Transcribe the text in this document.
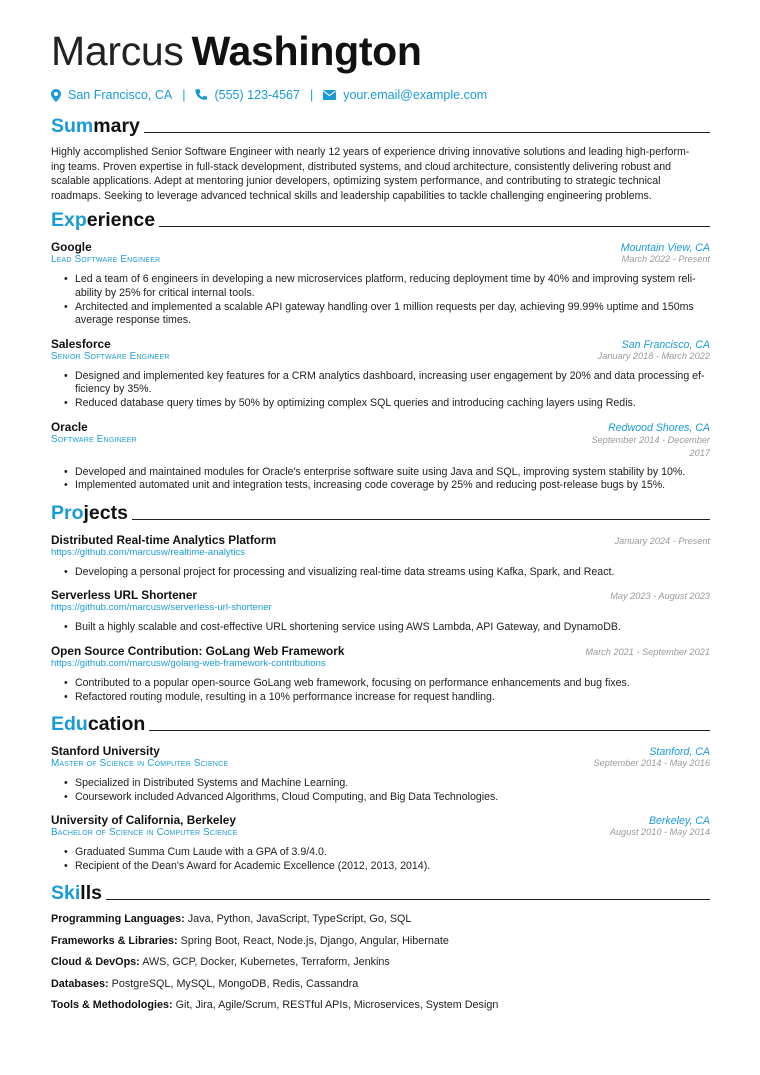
Marcus Washington
San Francisco, CA | (555) 123-4567 | your.email@example.com
Summary

Highly accomplished Senior Software Engineer with nearly 12 years of experience driving innovative solutions and leading high-perform-
ing teams. Proven expertise in full-stack development, distributed systems, and cloud architecture, consistently delivering robust and
scalable applications. Adept at mentoring junior developers, optimizing system performance, and contributing to strategic technical
roadmaps. Seeking to leverage advanced technical skills and leadership capabilities to tackle challenging engineering problems.

Experience
Google	Mountain View, CA
Lead Software Engineer	March 2022 - Present
• Led a team of 6 engineers in developing a new microservices platform, reducing deployment time by 40% and improving system reli-
ability by 25% for critical internal tools.
• Architected and implemented a scalable API gateway handling over 1 million requests per day, achieving 99.99% uptime and 150ms
average response times.
Salesforce	San Francisco, CA
Senior Software Engineer	January 2018 - March 2022
• Designed and implemented key features for a CRM analytics dashboard, increasing user engagement by 20% and data processing ef-
ficiency by 35%.
• Reduced database query times by 50% by optimizing complex SQL queries and introducing caching layers using Redis.
Oracle	Redwood Shores, CA
Software Engineer	September 2014 - December
2017
• Developed and maintained modules for Oracle's enterprise software suite using Java and SQL, improving system stability by 10%.
• Implemented automated unit and integration tests, increasing code coverage by 25% and reducing post-release bugs by 15%.
Projects
Distributed Real-time Analytics Platform	January 2024 - Present
https://github.com/marcusw/realtime-analytics
• Developing a personal project for processing and visualizing real-time data streams using Kafka, Spark, and React.
Serverless URL Shortener	May 2023 - August 2023
https://github.com/marcusw/serverless-url-shortener
• Built a highly scalable and cost-effective URL shortening service using AWS Lambda, API Gateway, and DynamoDB.
Open Source Contribution: GoLang Web Framework	March 2021 - September 2021
https://github.com/marcusw/golang-web-framework-contributions
• Contributed to a popular open-source GoLang web framework, focusing on performance enhancements and bug fixes.
• Refactored routing module, resulting in a 10% performance increase for request handling.
Education
Stanford University	Stanford, CA
Master of Science in Computer Science	September 2014 - May 2016
• Specialized in Distributed Systems and Machine Learning.
• Coursework included Advanced Algorithms, Cloud Computing, and Big Data Technologies.
University of California, Berkeley	Berkeley, CA
Bachelor of Science in Computer Science	August 2010 - May 2014
• Graduated Summa Cum Laude with a GPA of 3.9/4.0.
• Recipient of the Dean's Award for Academic Excellence (2012, 2013, 2014).
Skills

Programming Languages: Java, Python, JavaScript, TypeScript, Go, SQL

Frameworks & Libraries: Spring Boot, React, Node.js, Django, Angular, Hibernate

Cloud & DevOps: AWS, GCP, Docker, Kubernetes, Terraform, Jenkins

Databases: PostgreSQL, MySQL, MongoDB, Redis, Cassandra

Tools & Methodologies: Git, Jira, Agile/Scrum, RESTful APIs, Microservices, System Design
